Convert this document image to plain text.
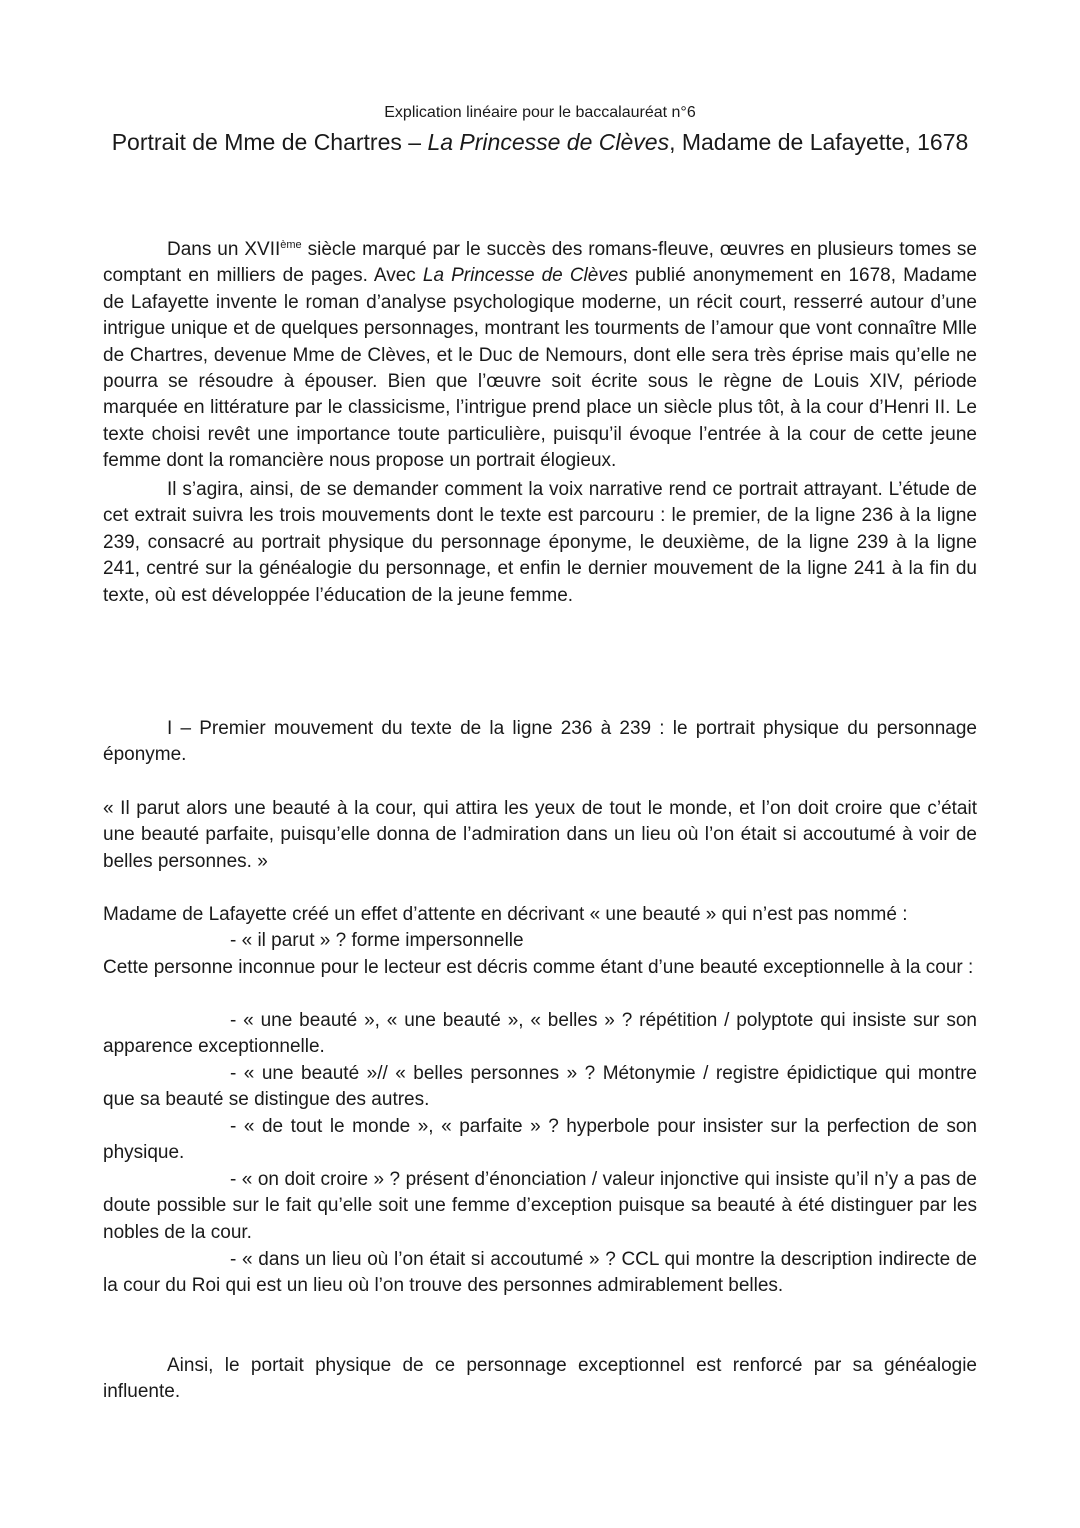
Explication linéaire pour le baccalauréat n°6
Portrait de Mme de Chartres – La Princesse de Clèves, Madame de Lafayette, 1678

Dans un XVIIème siècle marqué par le succès des romans-fleuve, œuvres en plusieurs tomes se comptant en milliers de pages. Avec La Princesse de Clèves publié anonymement en 1678, Madame de Lafayette invente le roman d’analyse psychologique moderne, un récit court, resserré autour d’une intrigue unique et de quelques personnages, montrant les tourments de l’amour que vont connaître Mlle de Chartres, devenue Mme de Clèves, et le Duc de Nemours, dont elle sera très éprise mais qu’elle ne pourra se résoudre à épouser. Bien que l’œuvre soit écrite sous le règne de Louis XIV, période marquée en littérature par le classicisme, l’intrigue prend place un siècle plus tôt, à la cour d’Henri II. Le texte choisi revêt une importance toute particulière, puisqu’il évoque l’entrée à la cour de cette jeune femme dont la romancière nous propose un portrait élogieux.

Il s’agira, ainsi, de se demander comment la voix narrative rend ce portrait attrayant. L’étude de cet extrait suivra les trois mouvements dont le texte est parcouru : le premier, de la ligne 236 à la ligne 239, consacré au portrait physique du personnage éponyme, le deuxième, de la ligne 239 à la ligne 241, centré sur la généalogie du personnage, et enfin le dernier mouvement de la ligne 241 à la fin du texte, où est développée l’éducation de la jeune femme.

I – Premier mouvement du texte de la ligne 236 à 239 : le portrait physique du personnage éponyme.

« Il parut alors une beauté à la cour, qui attira les yeux de tout le monde, et l’on doit croire que c’était une beauté parfaite, puisqu’elle donna de l’admiration dans un lieu où l’on était si accoutumé à voir de belles personnes. »

Madame de Lafayette créé un effet d’attente en décrivant « une beauté » qui n’est pas nommé :

- « il parut » ? forme impersonnelle

Cette personne inconnue pour le lecteur est décris comme étant d’une beauté exceptionnelle à la cour :

- « une beauté », « une beauté », « belles » ? répétition / polyptote qui insiste sur son apparence exceptionnelle.

- « une beauté »// « belles personnes » ? Métonymie / registre épidictique qui montre que sa beauté se distingue des autres.

- « de tout le monde », « parfaite » ? hyperbole pour insister sur la perfection de son physique.

- « on doit croire » ? présent d’énonciation / valeur injonctive qui insiste qu’il n’y a pas de doute possible sur le fait qu’elle soit une femme d’exception puisque sa beauté à été distinguer par les nobles de la cour.

- « dans un lieu où l’on était si accoutumé » ? CCL qui montre la description indirecte de la cour du Roi qui est un lieu où l’on trouve des personnes admirablement belles.

Ainsi, le portait physique de ce personnage exceptionnel est renforcé par sa généalogie influente.
